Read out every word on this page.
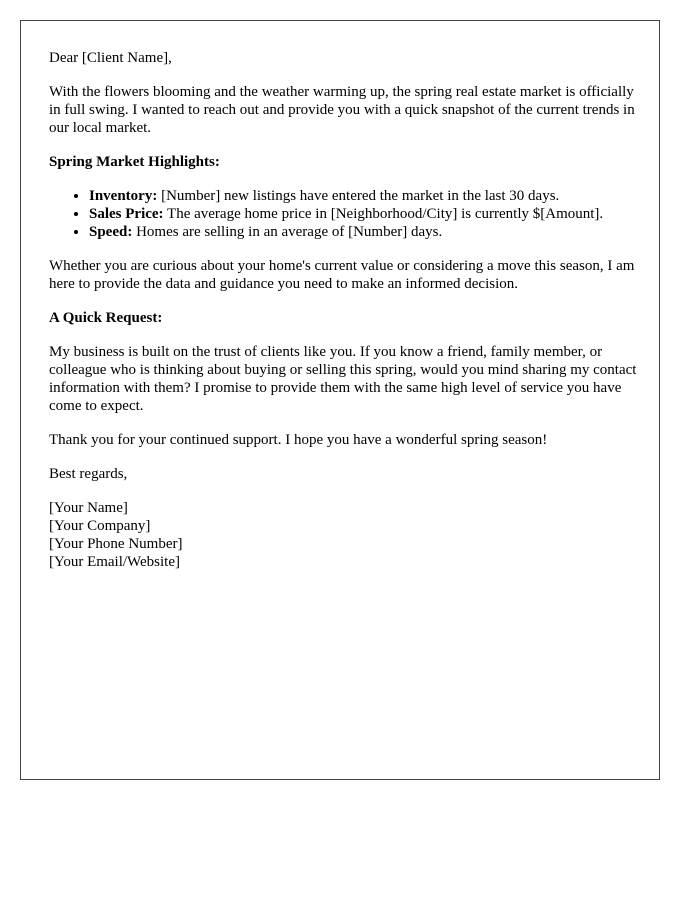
Dear [Client Name],

With the flowers blooming and the weather warming up, the spring real estate market is officially in full swing. I wanted to reach out and provide you with a quick snapshot of the current trends in our local market.

Spring Market Highlights:
• Inventory: [Number] new listings have entered the market in the last 30 days.
• Sales Price: The average home price in [Neighborhood/City] is currently $[Amount].
• Speed: Homes are selling in an average of [Number] days.

Whether you are curious about your home's current value or considering a move this season, I am here to provide the data and guidance you need to make an informed decision.

A Quick Request:

My business is built on the trust of clients like you. If you know a friend, family member, or colleague who is thinking about buying or selling this spring, would you mind sharing my contact information with them? I promise to provide them with the same high level of service you have come to expect.

Thank you for your continued support. I hope you have a wonderful spring season!

Best regards,

[Your Name]
[Your Company]
[Your Phone Number]
[Your Email/Website]
